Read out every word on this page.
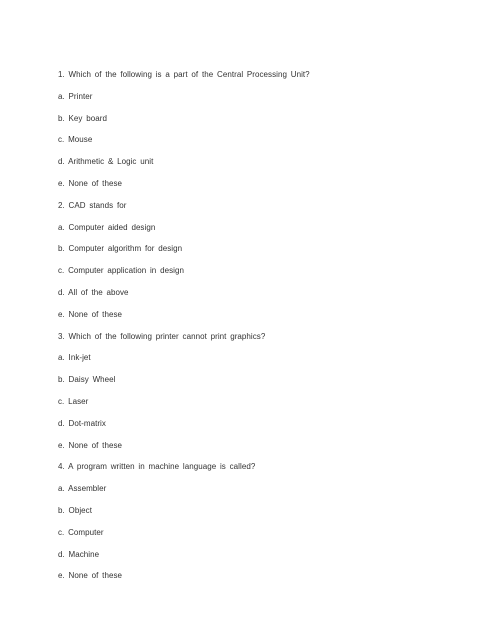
1. Which of the following is a part of the Central Processing Unit?
a. Printer
b. Key board
c. Mouse
d. Arithmetic & Logic unit
e. None of these
2. CAD stands for
a. Computer aided design
b. Computer algorithm for design
c. Computer application in design
d. All of the above
e. None of these
3. Which of the following printer cannot print graphics?
a. Ink-jet
b. Daisy Wheel
c. Laser
d. Dot-matrix
e. None of these
4. A program written in machine language is called?
a. Assembler
b. Object
c. Computer
d. Machine
e. None of these
